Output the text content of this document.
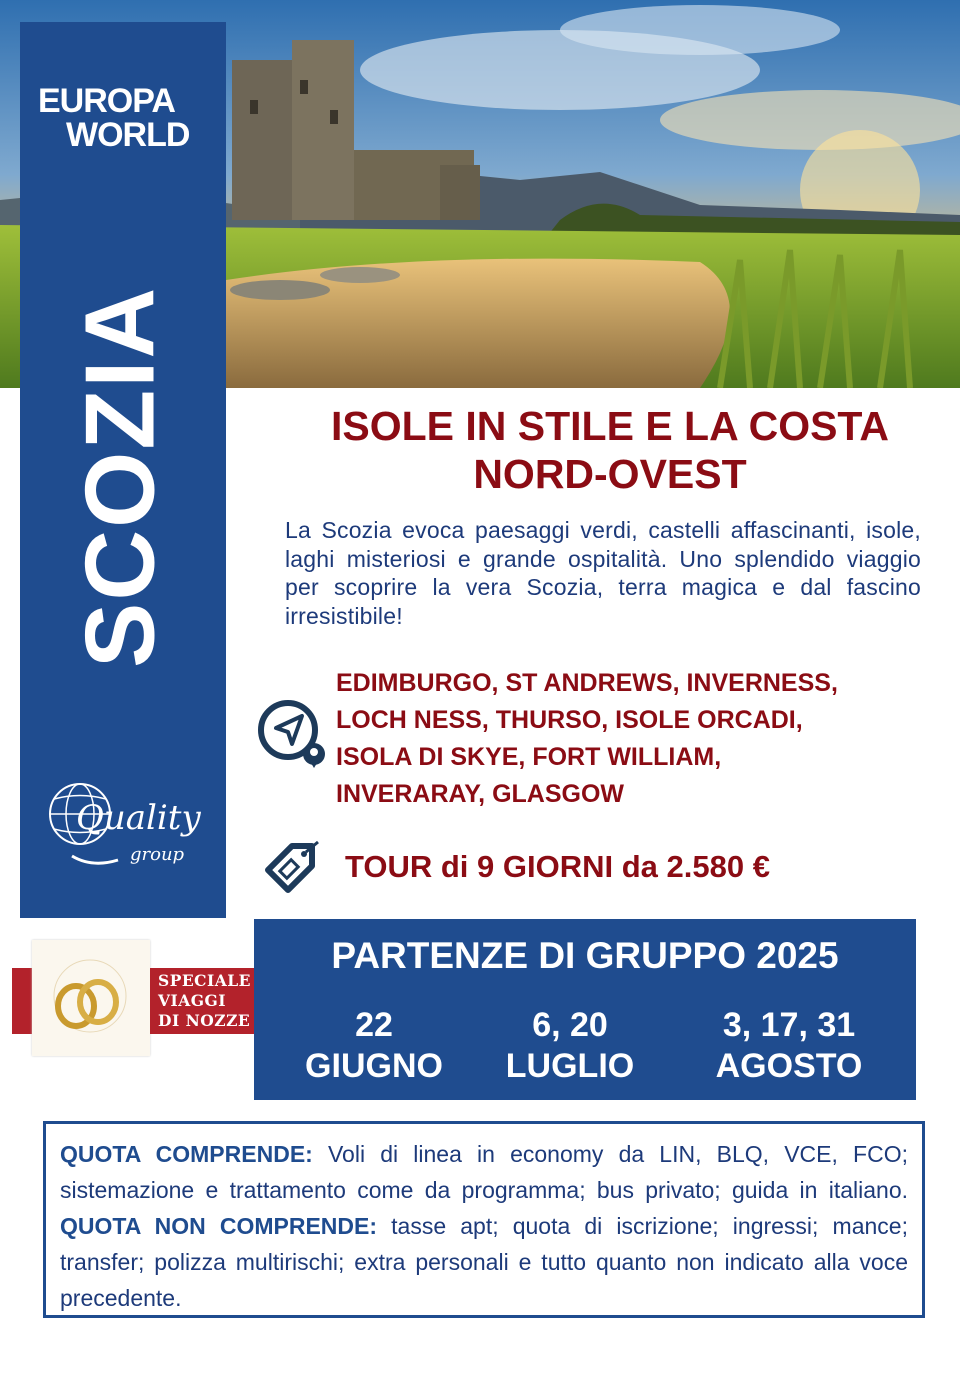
EUROPA
WORLD
SCOZIA
Quality
group
ISOLE IN STILE E LA COSTA
NORD-OVEST
La Scozia evoca paesaggi verdi, castelli affascinanti, isole, laghi misteriosi e grande ospitalità. Uno splendido viaggio per scoprire la vera Scozia, terra magica e dal fascino irresistibile!
EDIMBURGO, ST ANDREWS, INVERNESS,
LOCH NESS, THURSO, ISOLE ORCADI,
ISOLA DI SKYE, FORT WILLIAM,
INVERARAY, GLASGOW
TOUR di 9 GIORNI da 2.580 €
SPECIALE
VIAGGI
DI NOZZE
PARTENZE DI GRUPPO 2025
22
GIUGNO
6, 20
LUGLIO
3, 17, 31
AGOSTO
QUOTA COMPRENDE: Voli di linea in economy da LIN, BLQ, VCE, FCO; sistemazione e trattamento come da programma; bus privato; guida in italiano. QUOTA NON COMPRENDE: tasse apt; quota di iscrizione; ingressi; mance; transfer; polizza multirischi; extra personali e tutto quanto non indicato alla voce precedente.
